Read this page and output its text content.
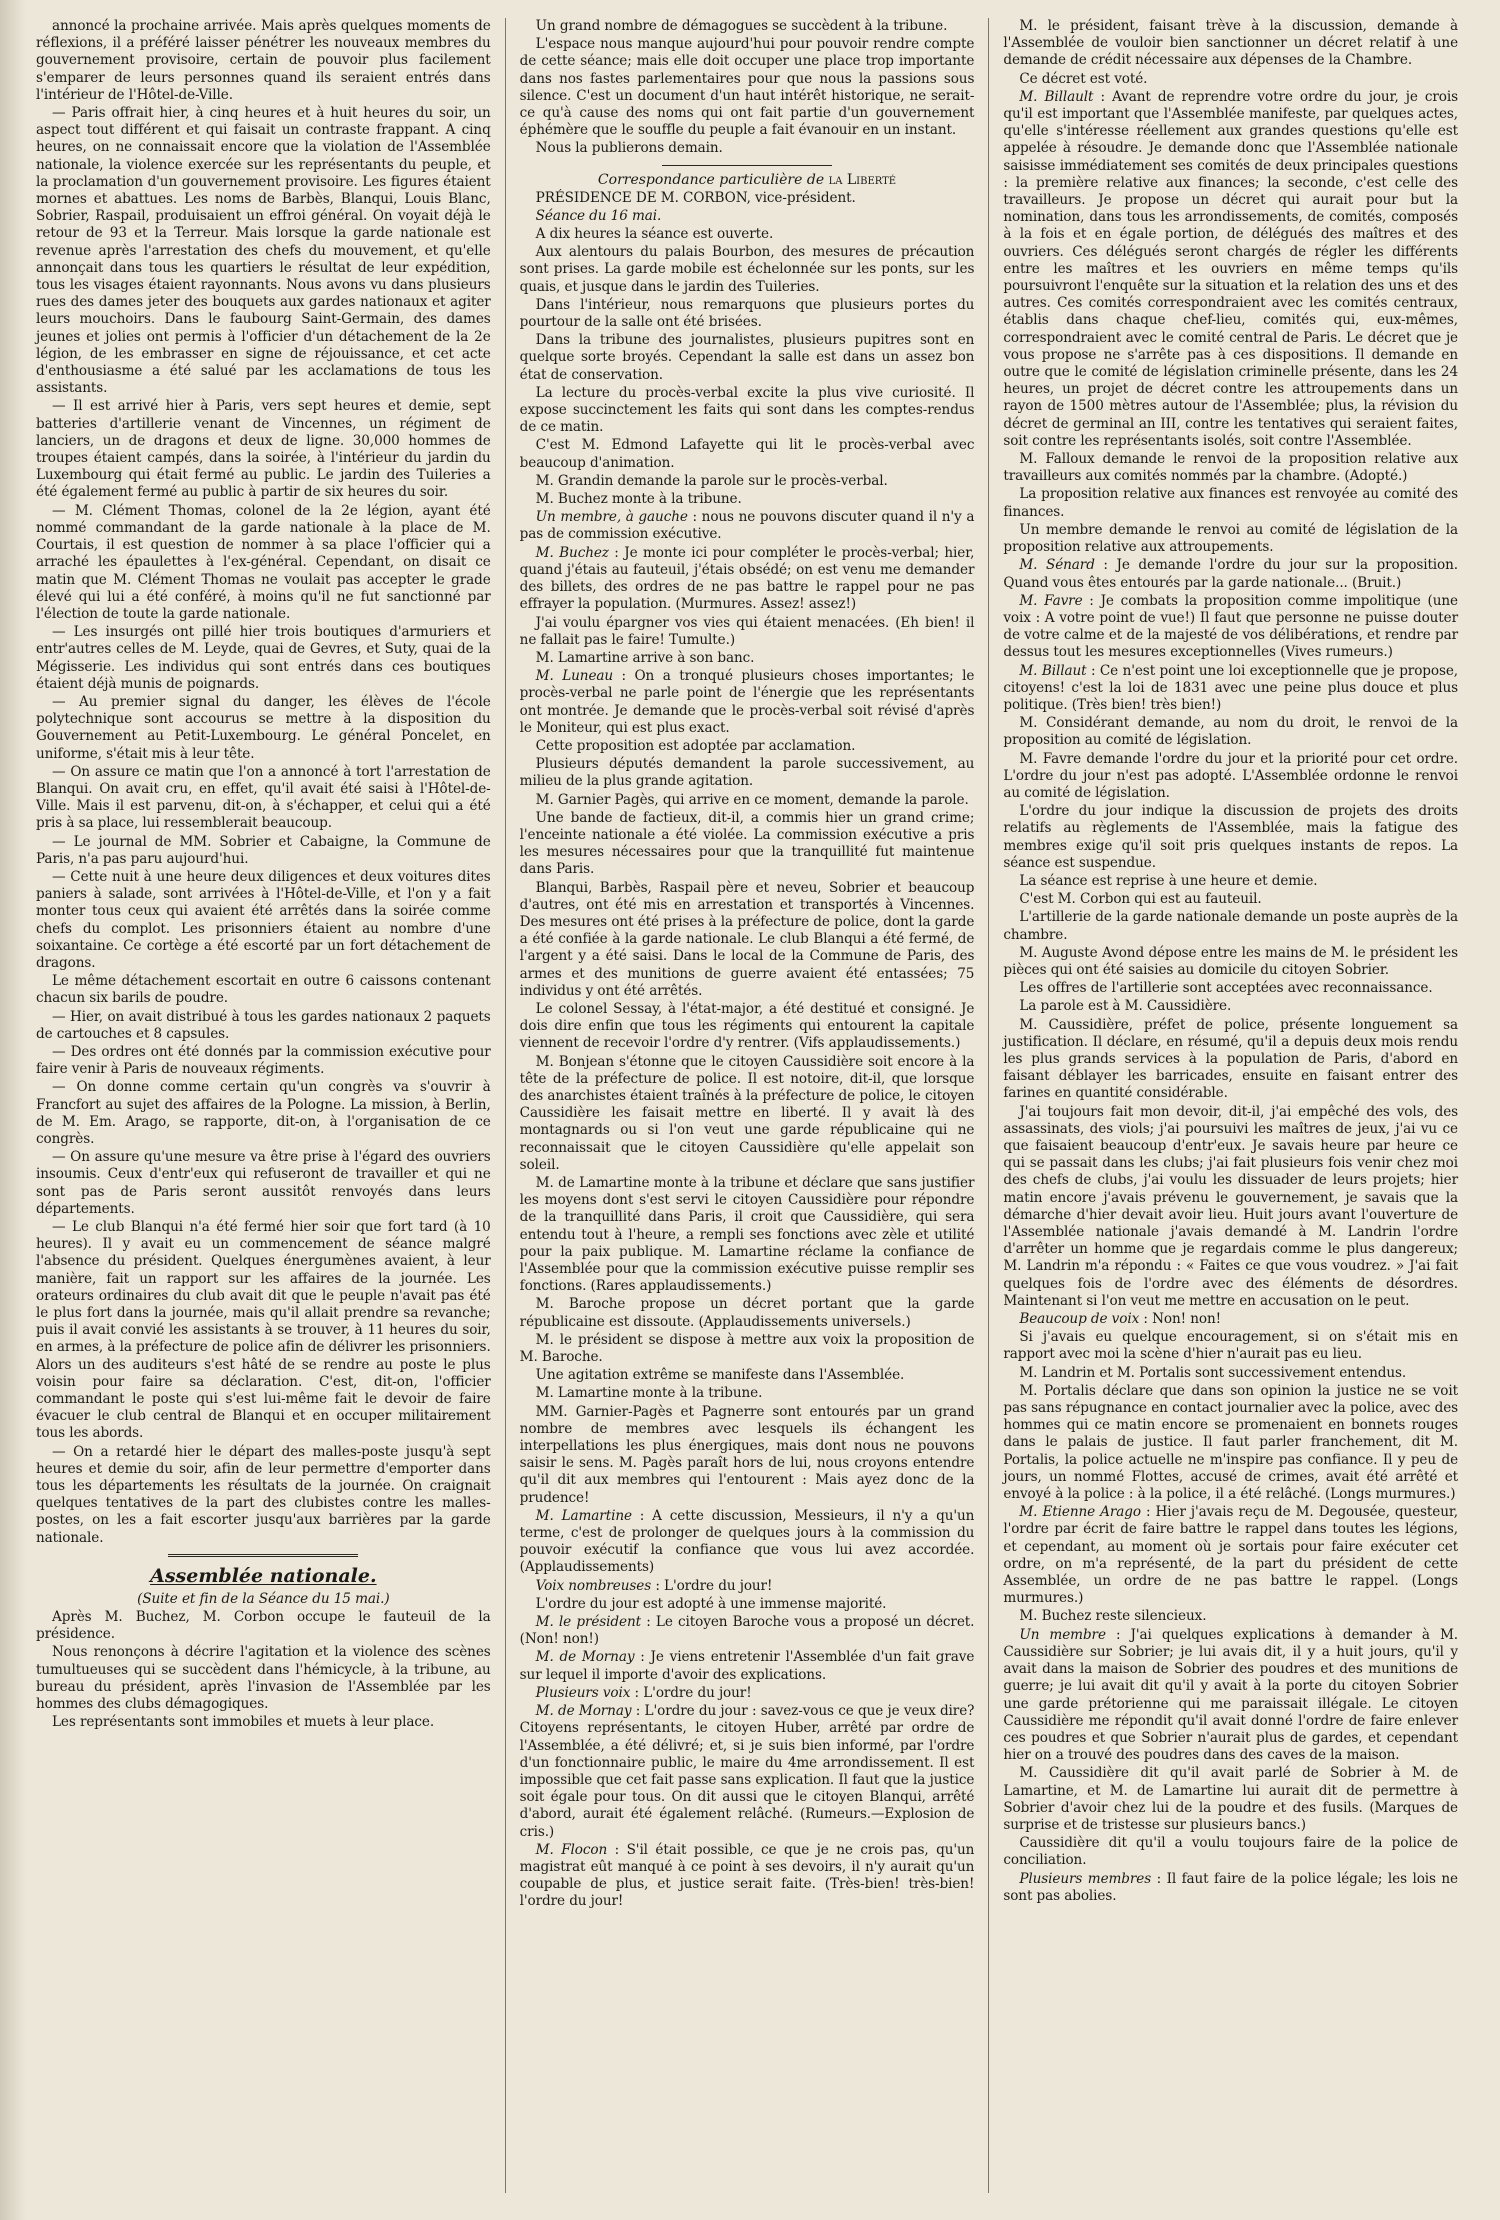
annoncé la prochaine arrivée. Mais après quelques moments de réflexions, il a préféré laisser pénétrer les nouveaux membres du gouvernement provisoire, certain de pouvoir plus facilement s'emparer de leurs personnes quand ils seraient entrés dans l'intérieur de l'Hôtel-de-Ville.

— Paris offrait hier, à cinq heures et à huit heures du soir, un aspect tout différent et qui faisait un contraste frappant. A cinq heures, on ne connaissait encore que la violation de l'Assemblée nationale, la violence exercée sur les représentants du peuple, et la proclamation d'un gouvernement provisoire. Les figures étaient mornes et abattues. Les noms de Barbès, Blanqui, Louis Blanc, Sobrier, Raspail, produisaient un effroi général. On voyait déjà le retour de 93 et la Terreur. Mais lorsque la garde nationale est revenue après l'arrestation des chefs du mouvement, et qu'elle annonçait dans tous les quartiers le résultat de leur expédition, tous les visages étaient rayonnants. Nous avons vu dans plusieurs rues des dames jeter des bouquets aux gardes nationaux et agiter leurs mouchoirs. Dans le faubourg Saint-Germain, des dames jeunes et jolies ont permis à l'officier d'un détachement de la 2e légion, de les embrasser en signe de réjouissance, et cet acte d'enthousiasme a été salué par les acclamations de tous les assistants.

— Il est arrivé hier à Paris, vers sept heures et demie, sept batteries d'artillerie venant de Vincennes, un régiment de lanciers, un de dragons et deux de ligne. 30,000 hommes de troupes étaient campés, dans la soirée, à l'intérieur du jardin du Luxembourg qui était fermé au public. Le jardin des Tuileries a été également fermé au public à partir de six heures du soir.

— M. Clément Thomas, colonel de la 2e légion, ayant été nommé commandant de la garde nationale à la place de M. Courtais, il est question de nommer à sa place l'officier qui a arraché les épaulettes à l'ex-général. Cependant, on disait ce matin que M. Clément Thomas ne voulait pas accepter le grade élevé qui lui a été conféré, à moins qu'il ne fut sanctionné par l'élection de toute la garde nationale.

— Les insurgés ont pillé hier trois boutiques d'armuriers et entr'autres celles de M. Leyde, quai de Gevres, et Suty, quai de la Mégisserie. Les individus qui sont entrés dans ces boutiques étaient déjà munis de poignards.

— Au premier signal du danger, les élèves de l'école polytechnique sont accourus se mettre à la disposition du Gouvernement au Petit-Luxembourg. Le général Poncelet, en uniforme, s'était mis à leur tête.

— On assure ce matin que l'on a annoncé à tort l'arrestation de Blanqui. On avait cru, en effet, qu'il avait été saisi à l'Hôtel-de-Ville. Mais il est parvenu, dit-on, à s'échapper, et celui qui a été pris à sa place, lui ressemblerait beaucoup.

— Le journal de MM. Sobrier et Cabaigne, la Commune de Paris, n'a pas paru aujourd'hui.

— Cette nuit à une heure deux diligences et deux voitures dites paniers à salade, sont arrivées à l'Hôtel-de-Ville, et l'on y a fait monter tous ceux qui avaient été arrêtés dans la soirée comme chefs du complot. Les prisonniers étaient au nombre d'une soixantaine. Ce cortège a été escorté par un fort détachement de dragons.

Le même détachement escortait en outre 6 caissons contenant chacun six barils de poudre.

— Hier, on avait distribué à tous les gardes nationaux 2 paquets de cartouches et 8 capsules.

— Des ordres ont été donnés par la commission exécutive pour faire venir à Paris de nouveaux régiments.

— On donne comme certain qu'un congrès va s'ouvrir à Francfort au sujet des affaires de la Pologne. La mission, à Berlin, de M. Em. Arago, se rapporte, dit-on, à l'organisation de ce congrès.

— On assure qu'une mesure va être prise à l'égard des ouvriers insoumis. Ceux d'entr'eux qui refuseront de travailler et qui ne sont pas de Paris seront aussitôt renvoyés dans leurs départements.

— Le club Blanqui n'a été fermé hier soir que fort tard (à 10 heures). Il y avait eu un commencement de séance malgré l'absence du président. Quelques énergumènes avaient, à leur manière, fait un rapport sur les affaires de la journée. Les orateurs ordinaires du club avait dit que le peuple n'avait pas été le plus fort dans la journée, mais qu'il allait prendre sa revanche; puis il avait convié les assistants à se trouver, à 11 heures du soir, en armes, à la préfecture de police afin de délivrer les prisonniers. Alors un des auditeurs s'est hâté de se rendre au poste le plus voisin pour faire sa déclaration. C'est, dit-on, l'officier commandant le poste qui s'est lui-même fait le devoir de faire évacuer le club central de Blanqui et en occuper militairement tous les abords.

— On a retardé hier le départ des malles-poste jusqu'à sept heures et demie du soir, afin de leur permettre d'emporter dans tous les départements les résultats de la journée. On craignait quelques tentatives de la part des clubistes contre les malles-postes, on les a fait escorter jusqu'aux barrières par la garde nationale.

Assemblée nationale.

(Suite et fin de la Séance du 15 mai.)

Après M. Buchez, M. Corbon occupe le fauteuil de la présidence.

Nous renonçons à décrire l'agitation et la violence des scènes tumultueuses qui se succèdent dans l'hémicycle, à la tribune, au bureau du président, après l'invasion de l'Assemblée par les hommes des clubs démagogiques.

Les représentants sont immobiles et muets à leur place.

Un grand nombre de démagogues se succèdent à la tribune.

L'espace nous manque aujourd'hui pour pouvoir rendre compte de cette séance; mais elle doit occuper une place trop importante dans nos fastes parlementaires pour que nous la passions sous silence. C'est un document d'un haut intérêt historique, ne serait-ce qu'à cause des noms qui ont fait partie d'un gouvernement éphémère que le souffle du peuple a fait évanouir en un instant.

Nous la publierons demain.

Correspondance particulière de la Liberté

PRÉSIDENCE DE M. CORBON, vice-président.

Séance du 16 mai.

A dix heures la séance est ouverte.

Aux alentours du palais Bourbon, des mesures de précaution sont prises. La garde mobile est échelonnée sur les ponts, sur les quais, et jusque dans le jardin des Tuileries.

Dans l'intérieur, nous remarquons que plusieurs portes du pourtour de la salle ont été brisées.

Dans la tribune des journalistes, plusieurs pupitres sont en quelque sorte broyés. Cependant la salle est dans un assez bon état de conservation.

La lecture du procès-verbal excite la plus vive curiosité. Il expose succinctement les faits qui sont dans les comptes-rendus de ce matin.

C'est M. Edmond Lafayette qui lit le procès-verbal avec beaucoup d'animation.

M. Grandin demande la parole sur le procès-verbal.

M. Buchez monte à la tribune.

Un membre, à gauche : nous ne pouvons discuter quand il n'y a pas de commission exécutive.

M. Buchez : Je monte ici pour compléter le procès-verbal; hier, quand j'étais au fauteuil, j'étais obsédé; on est venu me demander des billets, des ordres de ne pas battre le rappel pour ne pas effrayer la population. (Murmures. Assez! assez!)

J'ai voulu épargner vos vies qui étaient menacées. (Eh bien! il ne fallait pas le faire! Tumulte.)

M. Lamartine arrive à son banc.

M. Luneau : On a tronqué plusieurs choses importantes; le procès-verbal ne parle point de l'énergie que les représentants ont montrée. Je demande que le procès-verbal soit révisé d'après le Moniteur, qui est plus exact.

Cette proposition est adoptée par acclamation.

Plusieurs députés demandent la parole successivement, au milieu de la plus grande agitation.

M. Garnier Pagès, qui arrive en ce moment, demande la parole.

Une bande de factieux, dit-il, a commis hier un grand crime; l'enceinte nationale a été violée. La commission exécutive a pris les mesures nécessaires pour que la tranquillité fut maintenue dans Paris.

Blanqui, Barbès, Raspail père et neveu, Sobrier et beaucoup d'autres, ont été mis en arrestation et transportés à Vincennes. Des mesures ont été prises à la préfecture de police, dont la garde a été confiée à la garde nationale. Le club Blanqui a été fermé, de l'argent y a été saisi. Dans le local de la Commune de Paris, des armes et des munitions de guerre avaient été entassées; 75 individus y ont été arrêtés.

Le colonel Sessay, à l'état-major, a été destitué et consigné. Je dois dire enfin que tous les régiments qui entourent la capitale viennent de recevoir l'ordre d'y rentrer. (Vifs applaudissements.)

M. Bonjean s'étonne que le citoyen Caussidière soit encore à la tête de la préfecture de police. Il est notoire, dit-il, que lorsque des anarchistes étaient traînés à la préfecture de police, le citoyen Caussidière les faisait mettre en liberté. Il y avait là des montagnards ou si l'on veut une garde républicaine qui ne reconnaissait que le citoyen Caussidière qu'elle appelait son soleil.

M. de Lamartine monte à la tribune et déclare que sans justifier les moyens dont s'est servi le citoyen Caussidière pour répondre de la tranquillité dans Paris, il croit que Caussidière, qui sera entendu tout à l'heure, a rempli ses fonctions avec zèle et utilité pour la paix publique. M. Lamartine réclame la confiance de l'Assemblée pour que la commission exécutive puisse remplir ses fonctions. (Rares applaudissements.)

M. Baroche propose un décret portant que la garde républicaine est dissoute. (Applaudissements universels.)

M. le président se dispose à mettre aux voix la proposition de M. Baroche.

Une agitation extrême se manifeste dans l'Assemblée.

M. Lamartine monte à la tribune.

MM. Garnier-Pagès et Pagnerre sont entourés par un grand nombre de membres avec lesquels ils échangent les interpellations les plus énergiques, mais dont nous ne pouvons saisir le sens. M. Pagès paraît hors de lui, nous croyons entendre qu'il dit aux membres qui l'entourent : Mais ayez donc de la prudence!

M. Lamartine : A cette discussion, Messieurs, il n'y a qu'un terme, c'est de prolonger de quelques jours à la commission du pouvoir exécutif la confiance que vous lui avez accordée. (Applaudissements)

Voix nombreuses : L'ordre du jour!

L'ordre du jour est adopté à une immense majorité.

M. le président : Le citoyen Baroche vous a proposé un décret. (Non! non!)

M. de Mornay : Je viens entretenir l'Assemblée d'un fait grave sur lequel il importe d'avoir des explications.

Plusieurs voix : L'ordre du jour!

M. de Mornay : L'ordre du jour : savez-vous ce que je veux dire? Citoyens représentants, le citoyen Huber, arrêté par ordre de l'Assemblée, a été délivré; et, si je suis bien informé, par l'ordre d'un fonctionnaire public, le maire du 4me arrondissement. Il est impossible que cet fait passe sans explication. Il faut que la justice soit égale pour tous. On dit aussi que le citoyen Blanqui, arrêté d'abord, aurait été également relâché. (Rumeurs.—Explosion de cris.)

M. Flocon : S'il était possible, ce que je ne crois pas, qu'un magistrat eût manqué à ce point à ses devoirs, il n'y aurait qu'un coupable de plus, et justice serait faite. (Très-bien! très-bien! l'ordre du jour!

M. le président, faisant trève à la discussion, demande à l'Assemblée de vouloir bien sanctionner un décret relatif à une demande de crédit nécessaire aux dépenses de la Chambre.

Ce décret est voté.

M. Billault : Avant de reprendre votre ordre du jour, je crois qu'il est important que l'Assemblée manifeste, par quelques actes, qu'elle s'intéresse réellement aux grandes questions qu'elle est appelée à résoudre. Je demande donc que l'Assemblée nationale saisisse immédiatement ses comités de deux principales questions : la première relative aux finances; la seconde, c'est celle des travailleurs. Je propose un décret qui aurait pour but la nomination, dans tous les arrondissements, de comités, composés à la fois et en égale portion, de délégués des maîtres et des ouvriers. Ces délégués seront chargés de régler les différents entre les maîtres et les ouvriers en même temps qu'ils poursuivront l'enquête sur la situation et la relation des uns et des autres. Ces comités correspondraient avec les comités centraux, établis dans chaque chef-lieu, comités qui, eux-mêmes, correspondraient avec le comité central de Paris. Le décret que je vous propose ne s'arrête pas à ces dispositions. Il demande en outre que le comité de législation criminelle présente, dans les 24 heures, un projet de décret contre les attroupements dans un rayon de 1500 mètres autour de l'Assemblée; plus, la révision du décret de germinal an III, contre les tentatives qui seraient faites, soit contre les représentants isolés, soit contre l'Assemblée.

M. Falloux demande le renvoi de la proposition relative aux travailleurs aux comités nommés par la chambre. (Adopté.)

La proposition relative aux finances est renvoyée au comité des finances.

Un membre demande le renvoi au comité de législation de la proposition relative aux attroupements.

M. Sénard : Je demande l'ordre du jour sur la proposition. Quand vous êtes entourés par la garde nationale... (Bruit.)

M. Favre : Je combats la proposition comme impolitique (une voix : A votre point de vue!) Il faut que personne ne puisse douter de votre calme et de la majesté de vos délibérations, et rendre par dessus tout les mesures exceptionnelles (Vives rumeurs.)

M. Billaut : Ce n'est point une loi exceptionnelle que je propose, citoyens! c'est la loi de 1831 avec une peine plus douce et plus politique. (Très bien! très bien!)

M. Considérant demande, au nom du droit, le renvoi de la proposition au comité de législation.

M. Favre demande l'ordre du jour et la priorité pour cet ordre. L'ordre du jour n'est pas adopté. L'Assemblée ordonne le renvoi au comité de législation.

L'ordre du jour indique la discussion de projets des droits relatifs au règlements de l'Assemblée, mais la fatigue des membres exige qu'il soit pris quelques instants de repos. La séance est suspendue.

La séance est reprise à une heure et demie.

C'est M. Corbon qui est au fauteuil.

L'artillerie de la garde nationale demande un poste auprès de la chambre.

M. Auguste Avond dépose entre les mains de M. le président les pièces qui ont été saisies au domicile du citoyen Sobrier.

Les offres de l'artillerie sont acceptées avec reconnaissance.

La parole est à M. Caussidière.

M. Caussidière, préfet de police, présente longuement sa justification. Il déclare, en résumé, qu'il a depuis deux mois rendu les plus grands services à la population de Paris, d'abord en faisant déblayer les barricades, ensuite en faisant entrer des farines en quantité considérable.

J'ai toujours fait mon devoir, dit-il, j'ai empêché des vols, des assassinats, des viols; j'ai poursuivi les maîtres de jeux, j'ai vu ce que faisaient beaucoup d'entr'eux. Je savais heure par heure ce qui se passait dans les clubs; j'ai fait plusieurs fois venir chez moi des chefs de clubs, j'ai voulu les dissuader de leurs projets; hier matin encore j'avais prévenu le gouvernement, je savais que la démarche d'hier devait avoir lieu. Huit jours avant l'ouverture de l'Assemblée nationale j'avais demandé à M. Landrin l'ordre d'arrêter un homme que je regardais comme le plus dangereux; M. Landrin m'a répondu : « Faites ce que vous voudrez. » J'ai fait quelques fois de l'ordre avec des éléments de désordres. Maintenant si l'on veut me mettre en accusation on le peut.

Beaucoup de voix : Non! non!

Si j'avais eu quelque encouragement, si on s'était mis en rapport avec moi la scène d'hier n'aurait pas eu lieu.

M. Landrin et M. Portalis sont successivement entendus.

M. Portalis déclare que dans son opinion la justice ne se voit pas sans répugnance en contact journalier avec la police, avec des hommes qui ce matin encore se promenaient en bonnets rouges dans le palais de justice. Il faut parler franchement, dit M. Portalis, la police actuelle ne m'inspire pas confiance. Il y peu de jours, un nommé Flottes, accusé de crimes, avait été arrêté et envoyé à la police : à la police, il a été relâché. (Longs murmures.)

M. Etienne Arago : Hier j'avais reçu de M. Degousée, questeur, l'ordre par écrit de faire battre le rappel dans toutes les légions, et cependant, au moment où je sortais pour faire exécuter cet ordre, on m'a représenté, de la part du président de cette Assemblée, un ordre de ne pas battre le rappel. (Longs murmures.)

M. Buchez reste silencieux.

Un membre : J'ai quelques explications à demander à M. Caussidière sur Sobrier; je lui avais dit, il y a huit jours, qu'il y avait dans la maison de Sobrier des poudres et des munitions de guerre; je lui avait dit qu'il y avait à la porte du citoyen Sobrier une garde prétorienne qui me paraissait illégale. Le citoyen Caussidière me répondit qu'il avait donné l'ordre de faire enlever ces poudres et que Sobrier n'aurait plus de gardes, et cependant hier on a trouvé des poudres dans des caves de la maison.

M. Caussidière dit qu'il avait parlé de Sobrier à M. de Lamartine, et M. de Lamartine lui aurait dit de permettre à Sobrier d'avoir chez lui de la poudre et des fusils. (Marques de surprise et de tristesse sur plusieurs bancs.)

Caussidière dit qu'il a voulu toujours faire de la police de conciliation.

Plusieurs membres : Il faut faire de la police légale; les lois ne sont pas abolies.
